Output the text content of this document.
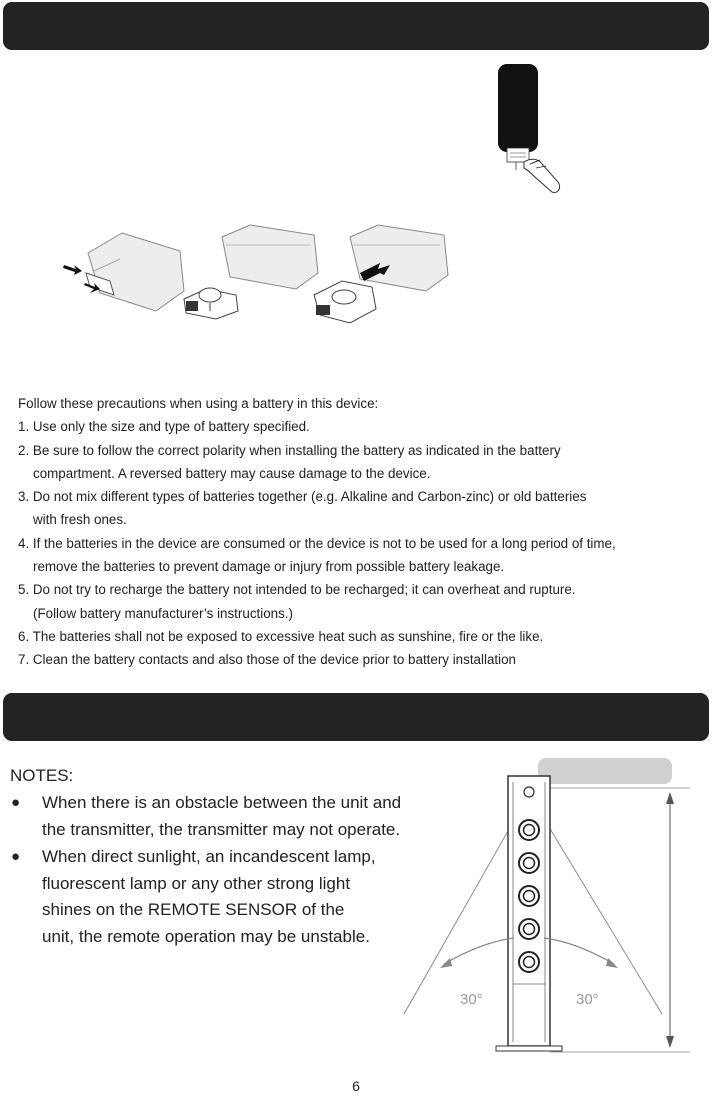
Follow these precautions when using a battery in this device:
1. Use only the size and type of battery specified.
2. Be sure to follow the correct polarity when installing the battery as indicated in the battery
compartment. A reversed battery may cause damage to the device.
3. Do not mix different types of batteries together (e.g. Alkaline and Carbon-zinc) or old batteries
with fresh ones.
4. If the batteries in the device are consumed or the device is not to be used for a long period of time,
remove the batteries to prevent damage or injury from possible battery leakage.
5. Do not try to recharge the battery not intended to be recharged; it can overheat and rupture.
(Follow battery manufacturer’s instructions.)
6. The batteries shall not be exposed to excessive heat such as sunshine, fire or the like.
7. Clean the battery contacts and also those of the device prior to battery installation
NOTES:
● When there is an obstacle between the unit and
the transmitter, the transmitter may not operate.
● When direct sunlight, an incandescent lamp,
fluorescent lamp or any other strong light
shines on the REMOTE SENSOR of the
unit, the remote operation may be unstable.
30°	30°
6
